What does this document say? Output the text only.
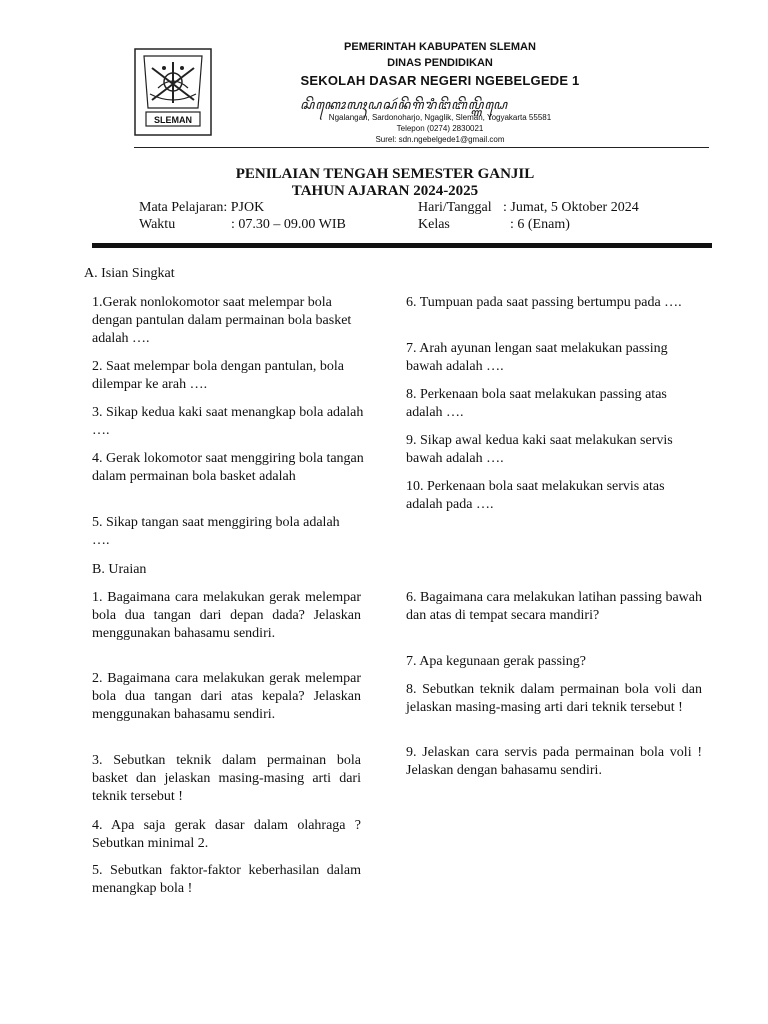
SLEMAN
PEMERINTAH KABUPATEN SLEMAN
DINAS PENDIDIKAN
SEKOLAH DASAR NEGERI NGEBELGEDE 1
ꦱꦼꦏꦺꦴꦭꦃꦝꦱꦂꦤꦼꦒꦼꦫꦶꦔꦼꦧꦼꦭ꧀ꦒꦼꦝꦺ
Ngalangan, Sardonoharjo, Ngaglik, Sleman, Yogyakarta 55581
Telepon (0274) 2830021
Surel: sdn.ngebelgede1@gmail.com
PENILAIAN TENGAH SEMESTER GANJIL
TAHUN AJARAN 2024-2025
Mata Pelajaran: PJOK
Waktu	: 07.30 – 09.00 WIB
Hari/Tanggal : Jumat, 5 Oktober 2024
Kelas	: 6 (Enam)
A. Isian Singkat
1.Gerak nonlokomotor saat melempar bola dengan pantulan dalam permainan bola basket adalah ….
2. Saat melempar bola dengan pantulan, bola dilempar ke arah ….
3. Sikap kedua kaki saat menangkap bola adalah ….
4. Gerak lokomotor saat menggiring bola tangan dalam permainan bola basket adalah
5. Sikap tangan saat menggiring bola adalah ….
6. Tumpuan pada saat passing bertumpu pada ….
7. Arah ayunan lengan saat melakukan passing bawah adalah ….
8. Perkenaan bola saat melakukan passing atas adalah ….
9. Sikap awal kedua kaki saat melakukan servis bawah adalah ….
10. Perkenaan bola saat melakukan servis atas adalah pada ….
B. Uraian
1. Bagaimana cara melakukan gerak melempar bola dua tangan dari depan dada? Jelaskan menggunakan bahasamu sendiri.
2. Bagaimana cara melakukan gerak melempar bola dua tangan dari atas kepala? Jelaskan menggunakan bahasamu sendiri.
3. Sebutkan teknik dalam permainan bola basket dan jelaskan masing-masing arti dari teknik tersebut !
4. Apa saja gerak dasar dalam olahraga ? Sebutkan minimal 2.
5. Sebutkan faktor-faktor keberhasilan dalam menangkap bola !
6. Bagaimana cara melakukan latihan passing bawah dan atas di tempat secara mandiri?
7. Apa kegunaan gerak passing?
8. Sebutkan teknik dalam permainan bola voli dan jelaskan masing-masing arti dari teknik tersebut !
9. Jelaskan cara servis pada permainan bola voli ! Jelaskan dengan bahasamu sendiri.
